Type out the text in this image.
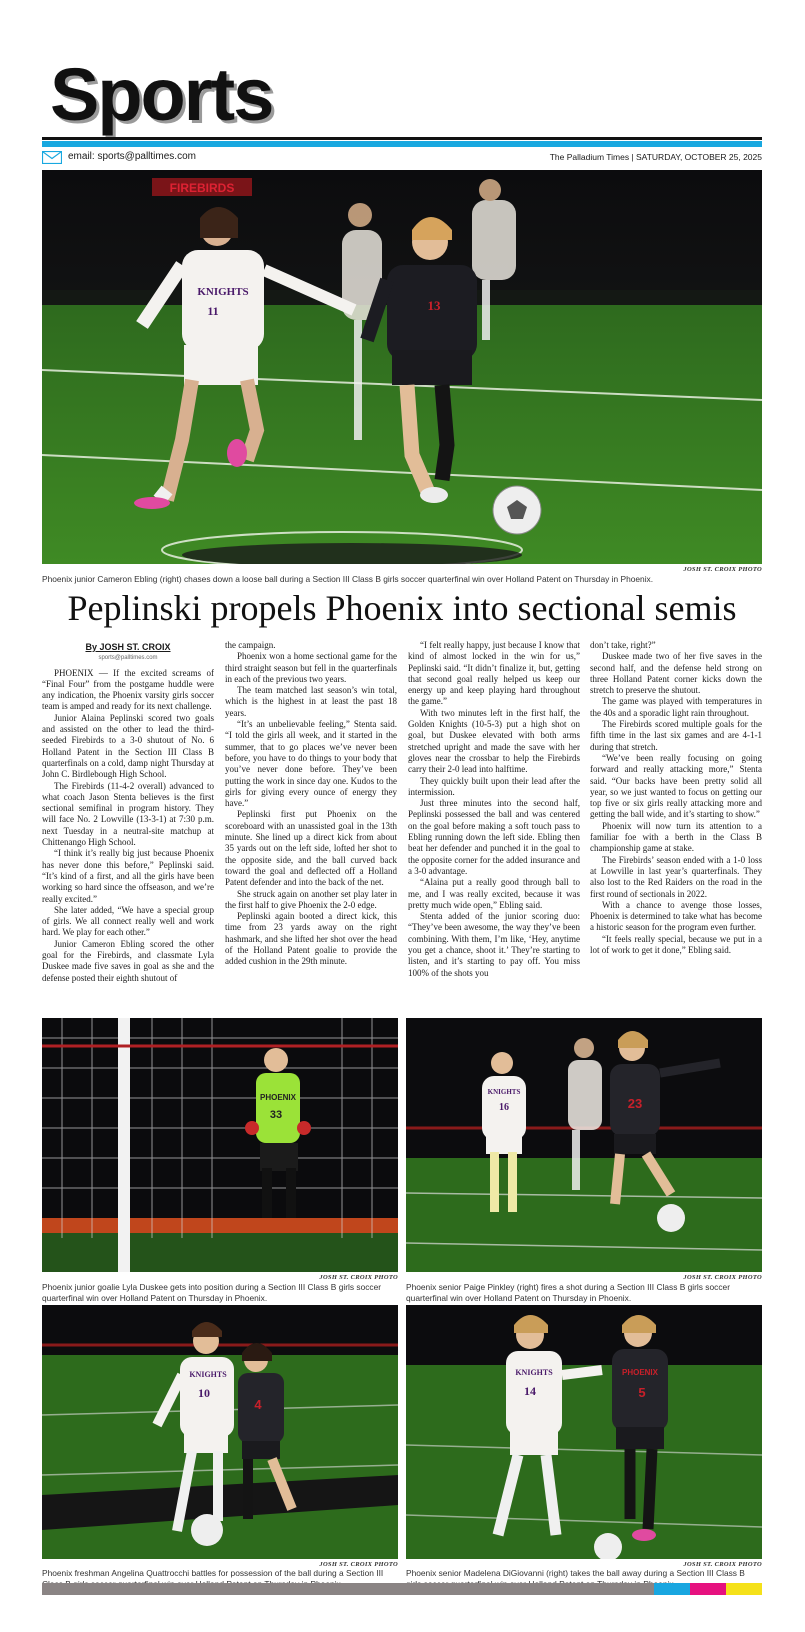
Sports
email: sports@palltimes.com	The Palladium Times | SATURDAY, OCTOBER 25, 2025
FIREBIRDS
KNIGHTS
11	13
JOSH ST. CROIX PHOTO
Phoenix junior Cameron Ebling (right) chases down a loose ball during a Section III Class B girls soccer quarterfinal win over Holland Patent on Thursday in Phoenix.
Peplinski propels Phoenix into sectional semis
By JOSH ST. CROIX
sports@palltimes.com

PHOENIX — If the excited screams of “Final Four” from the postgame huddle were any indication, the Phoenix varsity girls soccer team is amped and ready for its next challenge.

Junior Alaina Peplinski scored two goals and assisted on the other to lead the third-seeded Firebirds to a 3-0 shutout of No. 6 Holland Patent in the Section III Class B quarterfinals on a cold, damp night Thursday at John C. Birdlebough High School.

The Firebirds (11-4-2 overall) advanced to what coach Jason Stenta believes is the first sectional semifinal in program history. They will face No. 2 Lowville (13-3-1) at 7:30 p.m. next Tuesday in a neutral-site matchup at Chittenango High School.

“I think it’s really big just because Phoenix has never done this before,” Peplinski said. “It’s kind of a first, and all the girls have been working so hard since the offseason, and we’re really excited.”

She later added, “We have a special group of girls. We all connect really well and work hard. We play for each other.”

Junior Cameron Ebling scored the other goal for the Firebirds, and classmate Lyla Duskee made five saves in goal as she and the defense posted their eighth shutout of

the campaign.

Phoenix won a home sectional game for the third straight season but fell in the quarterfinals in each of the previous two years.

The team matched last season’s win total, which is the highest in at least the past 18 years.

“It’s an unbelievable feeling,” Stenta said. “I told the girls all week, and it started in the summer, that to go places we’ve never been before, you have to do things to your body that you’ve never done before. They’ve been putting the work in since day one. Kudos to the girls for giving every ounce of energy they have.”

Peplinski first put Phoenix on the scoreboard with an unassisted goal in the 13th minute. She lined up a direct kick from about 35 yards out on the left side, lofted her shot to the opposite side, and the ball curved back toward the goal and deflected off a Holland Patent defender and into the back of the net.

She struck again on another set play later in the first half to give Phoenix the 2-0 edge.

Peplinski again booted a direct kick, this time from 23 yards away on the right hashmark, and she lifted her shot over the head of the Holland Patent goalie to provide the added cushion in the 29th minute.

“I felt really happy, just because I know that kind of almost locked in the win for us,” Peplinski said. “It didn’t finalize it, but, getting that second goal really helped us keep our energy up and keep playing hard throughout the game.”

With two minutes left in the first half, the Golden Knights (10-5-3) put a high shot on goal, but Duskee elevated with both arms stretched upright and made the save with her gloves near the crossbar to help the Firebirds carry their 2-0 lead into halftime.

They quickly built upon their lead after the intermission.

Just three minutes into the second half, Peplinski possessed the ball and was centered on the goal before making a soft touch pass to Ebling running down the left side. Ebling then beat her defender and punched it in the goal to the opposite corner for the added insurance and a 3-0 advantage.

“Alaina put a really good through ball to me, and I was really excited, because it was pretty much wide open,” Ebling said.

Stenta added of the junior scoring duo: “They’ve been awesome, the way they’ve been combining. With them, I’m like, ‘Hey, anytime you get a chance, shoot it.’ They’re starting to listen, and it’s starting to pay off. You miss 100% of the shots you

don’t take, right?”

Duskee made two of her five saves in the second half, and the defense held strong on three Holland Patent corner kicks down the stretch to preserve the shutout.

The game was played with temperatures in the 40s and a sporadic light rain throughout.

The Firebirds scored multiple goals for the fifth time in the last six games and are 4-1-1 during that stretch.

“We’ve been really focusing on going forward and really attacking more,” Stenta said. “Our backs have been pretty solid all year, so we just wanted to focus on getting our top five or six girls really attacking more and getting the ball wide, and it’s starting to show.”

Phoenix will now turn its attention to a familiar foe with a berth in the Class B championship game at stake.

The Firebirds’ season ended with a 1-0 loss at Lowville in last year’s quarterfinals. They also lost to the Red Raiders on the road in the first round of sectionals in 2022.

With a chance to avenge those losses, Phoenix is determined to take what has become a historic season for the program even further.

“It feels really special, because we put in a lot of work to get it done,” Ebling said.

PHOENIX
33
JOSH ST. CROIX PHOTO
Phoenix junior goalie Lyla Duskee gets into position during a Section III Class B girls soccer quarterfinal win over Holland Patent on Thursday in Phoenix.
KNIGHTS
16	23
JOSH ST. CROIX PHOTO
Phoenix senior Paige Pinkley (right) fires a shot during a Section III Class B girls soccer quarterfinal win over Holland Patent on Thursday in Phoenix.
KNIGHTS
10
4
JOSH ST. CROIX PHOTO
Phoenix freshman Angelina Quattrocchi battles for possession of the ball during a Section III
KNIGHTS
14
PHOENIX
5
JOSH ST. CROIX PHOTO
Phoenix senior Madelena DiGiovanni (right) takes the ball away during a Section III Class B
